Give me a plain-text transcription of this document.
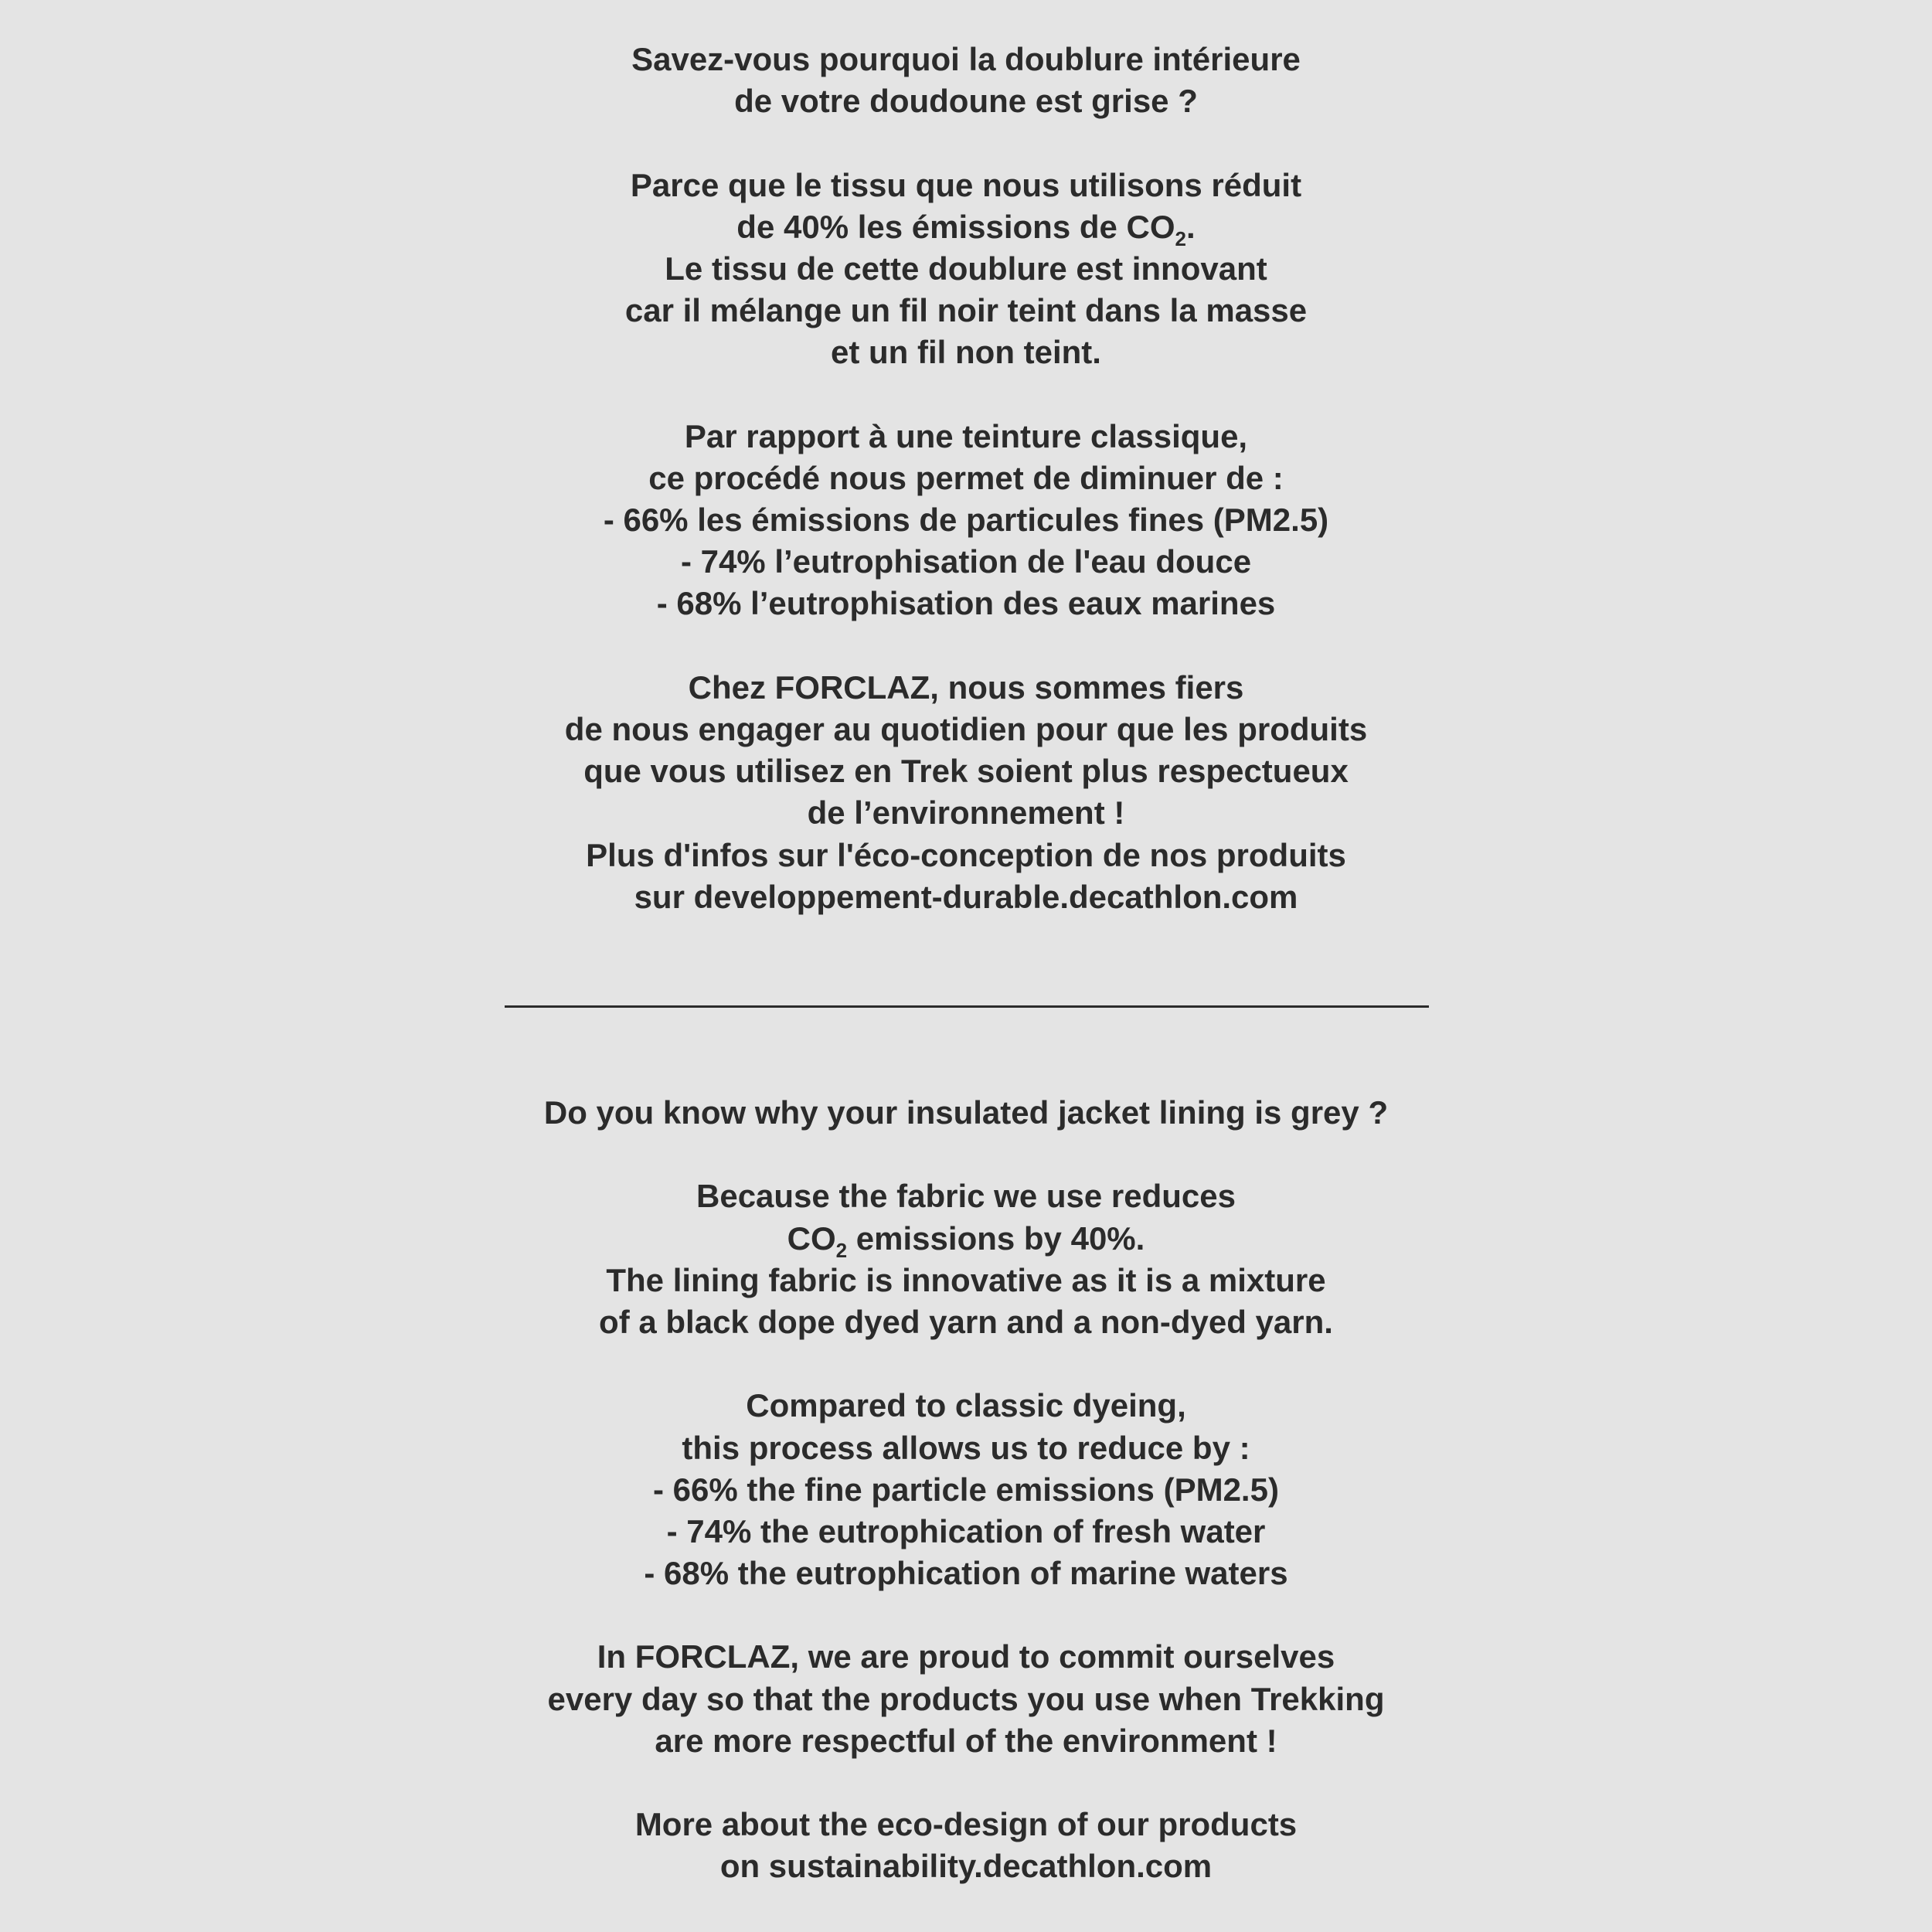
Savez-vous pourquoi la doublure intérieure
de votre doudoune est grise ?
Parce que le tissu que nous utilisons réduit
de 40% les émissions de $CO_2$.
Le tissu de cette doublure est innovant
car il mélange un fil noir teint dans la masse
et un fil non teint.
Par rapport à une teinture classique,
ce procédé nous permet de diminuer de :
- 66% les émissions de particules fines (PM2.5)
- 74% l’eutrophisation de l'eau douce
- 68% l’eutrophisation des eaux marines
Chez FORCLAZ, nous sommes fiers
de nous engager au quotidien pour que les produits
que vous utilisez en Trek soient plus respectueux
de l’environnement !
Plus d'infos sur l'éco-conception de nos produits
sur developpement-durable.decathlon.com
Do you know why your insulated jacket lining is grey ?
Because the fabric we use reduces
$CO_2$ emissions by 40%.
The lining fabric is innovative as it is a mixture
of a black dope dyed yarn and a non-dyed yarn.
Compared to classic dyeing,
this process allows us to reduce by :
- 66% the fine particle emissions (PM2.5)
- 74% the eutrophication of fresh water
- 68% the eutrophication of marine waters
In FORCLAZ, we are proud to commit ourselves
every day so that the products you use when Trekking
are more respectful of the environment !
More about the eco-design of our products
on sustainability.decathlon.com
